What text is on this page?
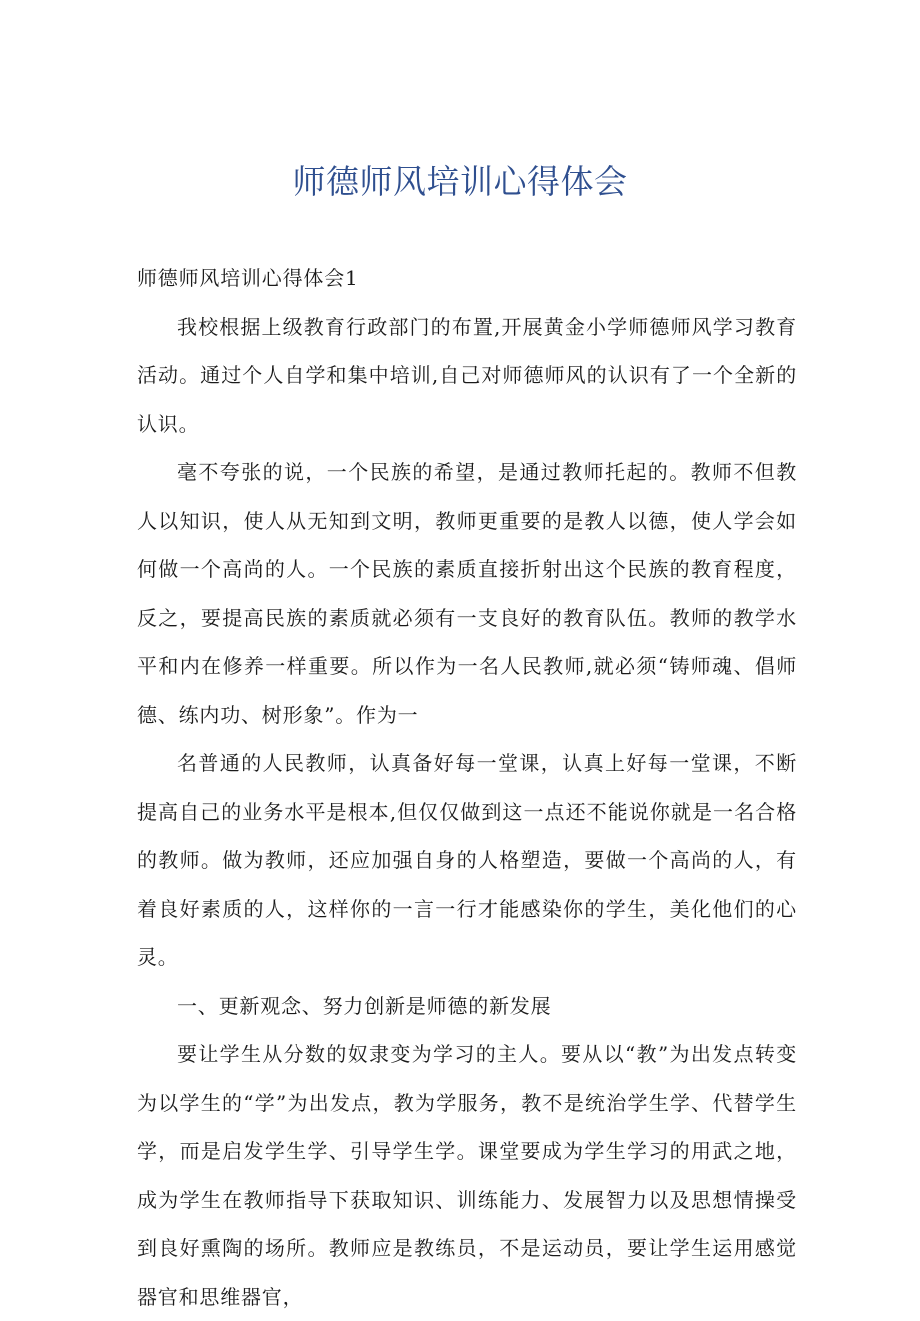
师德师风培训心得体会

师德师风培训心得体会1

我校根据上级教育行政部门的布置,开展黄金小学师德师风学习教育活动。通过个人自学和集中培训,自己对师德师风的认识有了一个全新的认识。

毫不夸张的说，一个民族的希望，是通过教师托起的。教师不但教人以知识，使人从无知到文明，教师更重要的是教人以德，使人学会如何做一个高尚的人。一个民族的素质直接折射出这个民族的教育程度，反之，要提高民族的素质就必须有一支良好的教育队伍。教师的教学水平和内在修养一样重要。所以作为一名人民教师,就必须“铸师魂、倡师德、练内功、树形象”。作为一

名普通的人民教师，认真备好每一堂课，认真上好每一堂课，不断提高自己的业务水平是根本,但仅仅做到这一点还不能说你就是一名合格的教师。做为教师，还应加强自身的人格塑造，要做一个高尚的人，有着良好素质的人，这样你的一言一行才能感染你的学生，美化他们的心灵。

一、更新观念、努力创新是师德的新发展

要让学生从分数的奴隶变为学习的主人。要从以“教”为出发点转变为以学生的“学”为出发点，教为学服务，教不是统治学生学、代替学生学，而是启发学生学、引导学生学。课堂要成为学生学习的用武之地，成为学生在教师指导下获取知识、训练能力、发展智力以及思想情操受到良好熏陶的场所。教师应是教练员，不是运动员，要让学生运用感觉器官和思维器官，
